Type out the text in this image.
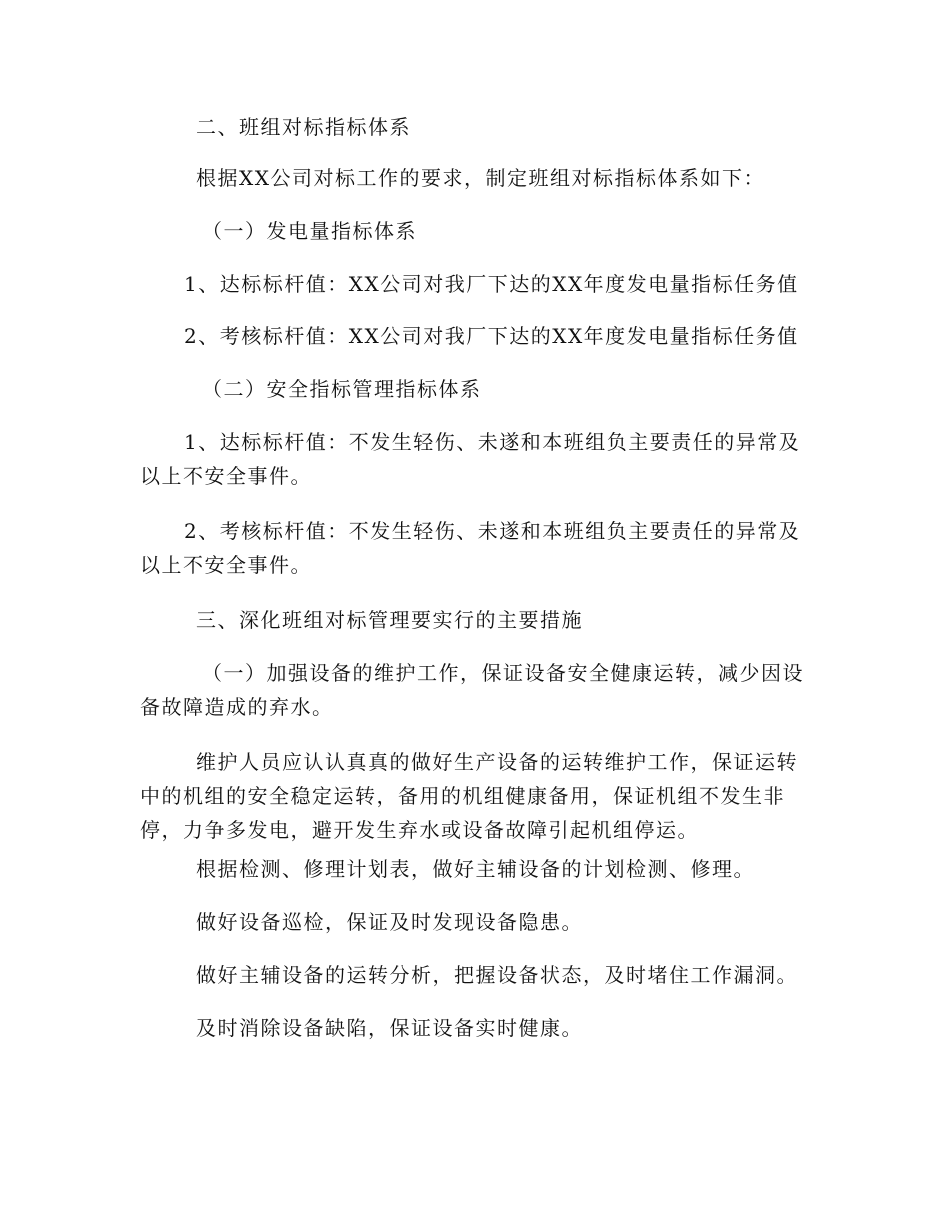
二、班组对标指标体系

根据XX公司对标工作的要求，制定班组对标指标体系如下：

（一）发电量指标体系

1、达标标杆值：XX公司对我厂下达的XX年度发电量指标任务值

2、考核标杆值：XX公司对我厂下达的XX年度发电量指标任务值

（二）安全指标管理指标体系

1、达标标杆值：不发生轻伤、未遂和本班组负主要责任的异常及以上不安全事件。

2、考核标杆值：不发生轻伤、未遂和本班组负主要责任的异常及以上不安全事件。

三、深化班组对标管理要实行的主要措施

（一）加强设备的维护工作，保证设备安全健康运转，减少因设备故障造成的弃水。

维护人员应认认真真的做好生产设备的运转维护工作，保证运转中的机组的安全稳定运转，备用的机组健康备用，保证机组不发生非停，力争多发电，避开发生弃水或设备故障引起机组停运。

根据检测、修理计划表，做好主辅设备的计划检测、修理。

做好设备巡检，保证及时发现设备隐患。

做好主辅设备的运转分析，把握设备状态，及时堵住工作漏洞。

及时消除设备缺陷，保证设备实时健康。
